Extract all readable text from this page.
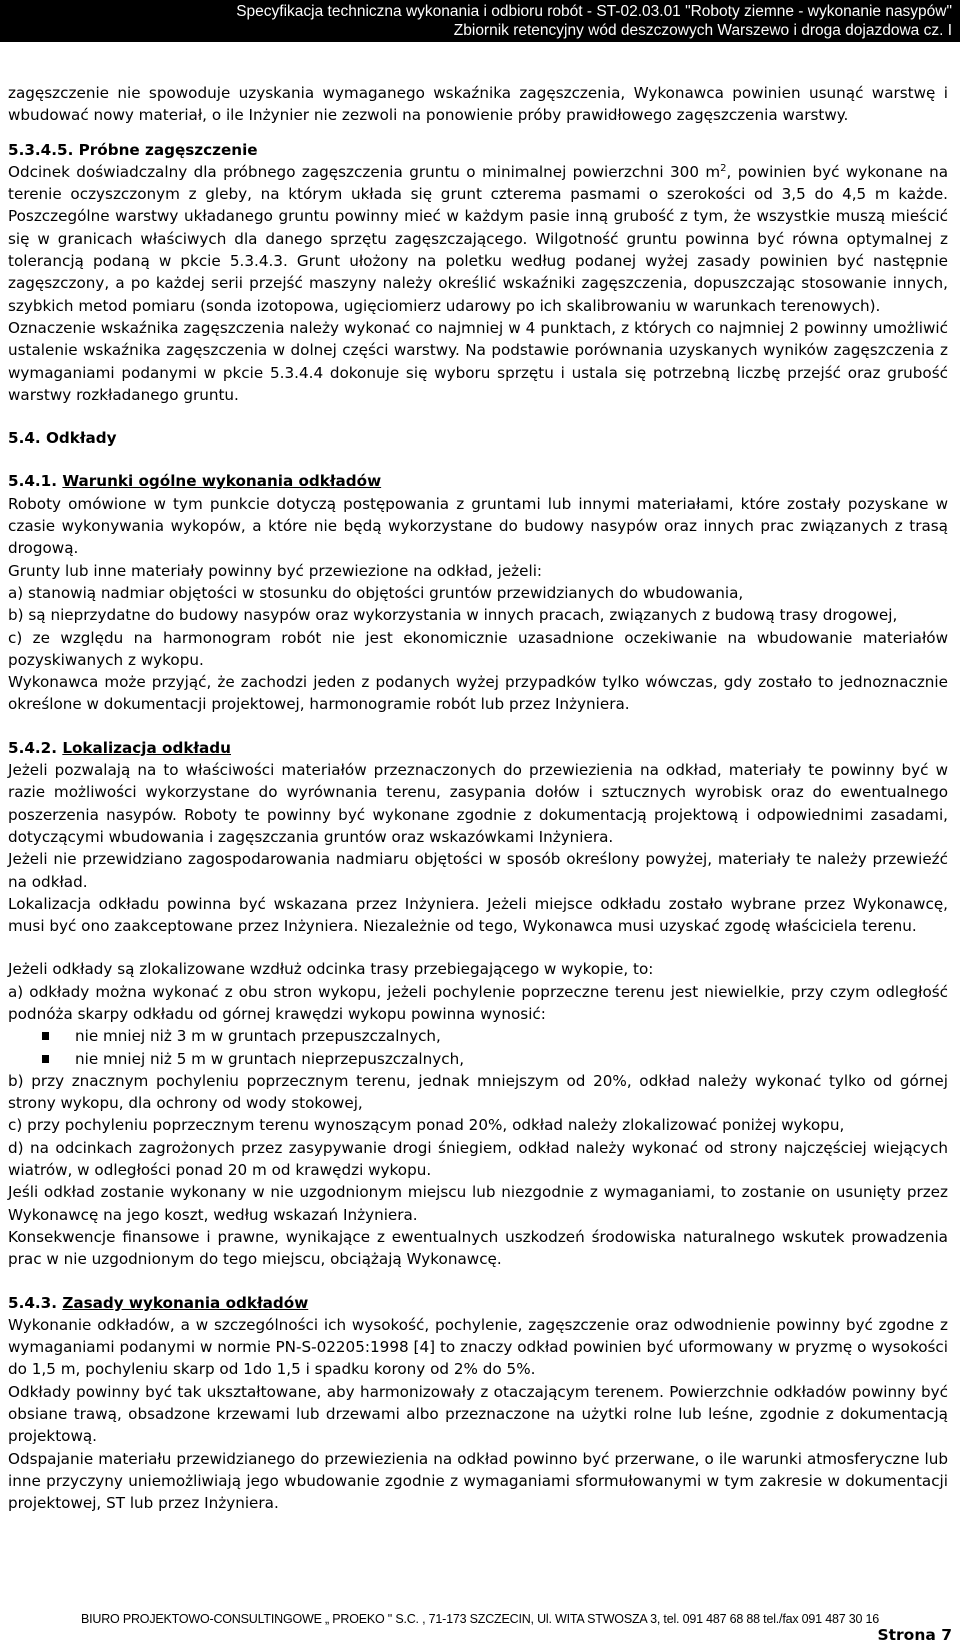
Specyfikacja techniczna wykonania i odbioru robót - ST-02.03.01 "Roboty ziemne - wykonanie nasypów"
Zbiornik retencyjny wód deszczowych Warszewo i droga dojazdowa cz. I

zagęszczenie nie spowoduje uzyskania wymaganego wskaźnika zagęszczenia, Wykonawca powinien usunąć warstwę i wbudować nowy materiał, o ile Inżynier nie zezwoli na ponowienie próby prawidłowego zagęszczenia warstwy.

5.3.4.5. Próbne zagęszczenie

Odcinek doświadczalny dla próbnego zagęszczenia gruntu o minimalnej powierzchni 300 $m^2$, powinien być wykonane na terenie oczyszczonym z gleby, na którym układa się grunt czterema pasmami o szerokości od 3,5 do 4,5 m każde. Poszczególne warstwy układanego gruntu powinny mieć w każdym pasie inną grubość z tym, że wszystkie muszą mieścić się w granicach właściwych dla danego sprzętu zagęszczającego. Wilgotność gruntu powinna być równa optymalnej z tolerancją podaną w pkcie 5.3.4.3. Grunt ułożony na poletku według podanej wyżej zasady powinien być następnie zagęszczony, a po każdej serii przejść maszyny należy określić wskaźniki zagęszczenia, dopuszczając stosowanie innych, szybkich metod pomiaru (sonda izotopowa, ugięciomierz udarowy po ich skalibrowaniu w warunkach terenowych).

Oznaczenie wskaźnika zagęszczenia należy wykonać co najmniej w 4 punktach, z których co najmniej 2 powinny umożliwić ustalenie wskaźnika zagęszczenia w dolnej części warstwy. Na podstawie porównania uzyskanych wyników zagęszczenia z wymaganiami podanymi w pkcie 5.3.4.4 dokonuje się wyboru sprzętu i ustala się potrzebną liczbę przejść oraz grubość warstwy rozkładanego gruntu.

5.4. Odkłady
5.4.1. Warunki ogólne wykonania odkładów

Roboty omówione w tym punkcie dotyczą postępowania z gruntami lub innymi materiałami, które zostały pozyskane w czasie wykonywania wykopów, a które nie będą wykorzystane do budowy nasypów oraz innych prac związanych z trasą drogową.

Grunty lub inne materiały powinny być przewiezione na odkład, jeżeli:

a) stanowią nadmiar objętości w stosunku do objętości gruntów przewidzianych do wbudowania,

b) są nieprzydatne do budowy nasypów oraz wykorzystania w innych pracach, związanych z budową trasy drogowej,

c) ze względu na harmonogram robót nie jest ekonomicznie uzasadnione oczekiwanie na wbudowanie materiałów pozyskiwanych z wykopu.

Wykonawca może przyjąć, że zachodzi jeden z podanych wyżej przypadków tylko wówczas, gdy zostało to jednoznacznie określone w dokumentacji projektowej, harmonogramie robót lub przez Inżyniera.

5.4.2. Lokalizacja odkładu

Jeżeli pozwalają na to właściwości materiałów przeznaczonych do przewiezienia na odkład, materiały te powinny być w razie możliwości wykorzystane do wyrównania terenu, zasypania dołów i sztucznych wyrobisk oraz do ewentualnego poszerzenia nasypów. Roboty te powinny być wykonane zgodnie z dokumentacją projektową i odpowiednimi zasadami, dotyczącymi wbudowania i zagęszczania gruntów oraz wskazówkami Inżyniera.

Jeżeli nie przewidziano zagospodarowania nadmiaru objętości w sposób określony powyżej, materiały te należy przewieźć na odkład.

Lokalizacja odkładu powinna być wskazana przez Inżyniera. Jeżeli miejsce odkładu zostało wybrane przez Wykonawcę, musi być ono zaakceptowane przez Inżyniera. Niezależnie od tego, Wykonawca musi uzyskać zgodę właściciela terenu.

Jeżeli odkłady są zlokalizowane wzdłuż odcinka trasy przebiegającego w wykopie, to:

a) odkłady można wykonać z obu stron wykopu, jeżeli pochylenie poprzeczne terenu jest niewielkie, przy czym odległość podnóża skarpy odkładu od górnej krawędzi wykopu powinna wynosić:

nie mniej niż 3 m w gruntach przepuszczalnych,
nie mniej niż 5 m w gruntach nieprzepuszczalnych,

b) przy znacznym pochyleniu poprzecznym terenu, jednak mniejszym od 20%, odkład należy wykonać tylko od górnej strony wykopu, dla ochrony od wody stokowej,

c) przy pochyleniu poprzecznym terenu wynoszącym ponad 20%, odkład należy zlokalizować poniżej wykopu,

d) na odcinkach zagrożonych przez zasypywanie drogi śniegiem, odkład należy wykonać od strony najczęściej wiejących wiatrów, w odległości ponad 20 m od krawędzi wykopu.

Jeśli odkład zostanie wykonany w nie uzgodnionym miejscu lub niezgodnie z wymaganiami, to zostanie on usunięty przez Wykonawcę na jego koszt, według wskazań Inżyniera.

Konsekwencje finansowe i prawne, wynikające z ewentualnych uszkodzeń środowiska naturalnego wskutek prowadzenia prac w nie uzgodnionym do tego miejscu, obciążają Wykonawcę.

5.4.3. Zasady wykonania odkładów

Wykonanie odkładów, a w szczególności ich wysokość, pochylenie, zagęszczenie oraz odwodnienie powinny być zgodne z wymaganiami podanymi w normie PN-S-02205:1998 [4] to znaczy odkład powinien być uformowany w pryzmę o wysokości do 1,5 m, pochyleniu skarp od 1do 1,5 i spadku korony od 2% do 5%.

Odkłady powinny być tak ukształtowane, aby harmonizowały z otaczającym terenem. Powierzchnie odkładów powinny być obsiane trawą, obsadzone krzewami lub drzewami albo przeznaczone na użytki rolne lub leśne, zgodnie z dokumentacją projektową.

Odspajanie materiału przewidzianego do przewiezienia na odkład powinno być przerwane, o ile warunki atmosferyczne lub inne przyczyny uniemożliwiają jego wbudowanie zgodnie z wymaganiami sformułowanymi w tym zakresie w dokumentacji projektowej, ST lub przez Inżyniera.

BIURO PROJEKTOWO-CONSULTINGOWE „ PROEKO " S.C. , 71-173 SZCZECIN, Ul. WITA STWOSZA 3, tel. 091 487 68 88 tel./fax 091 487 30 16
Strona 7
